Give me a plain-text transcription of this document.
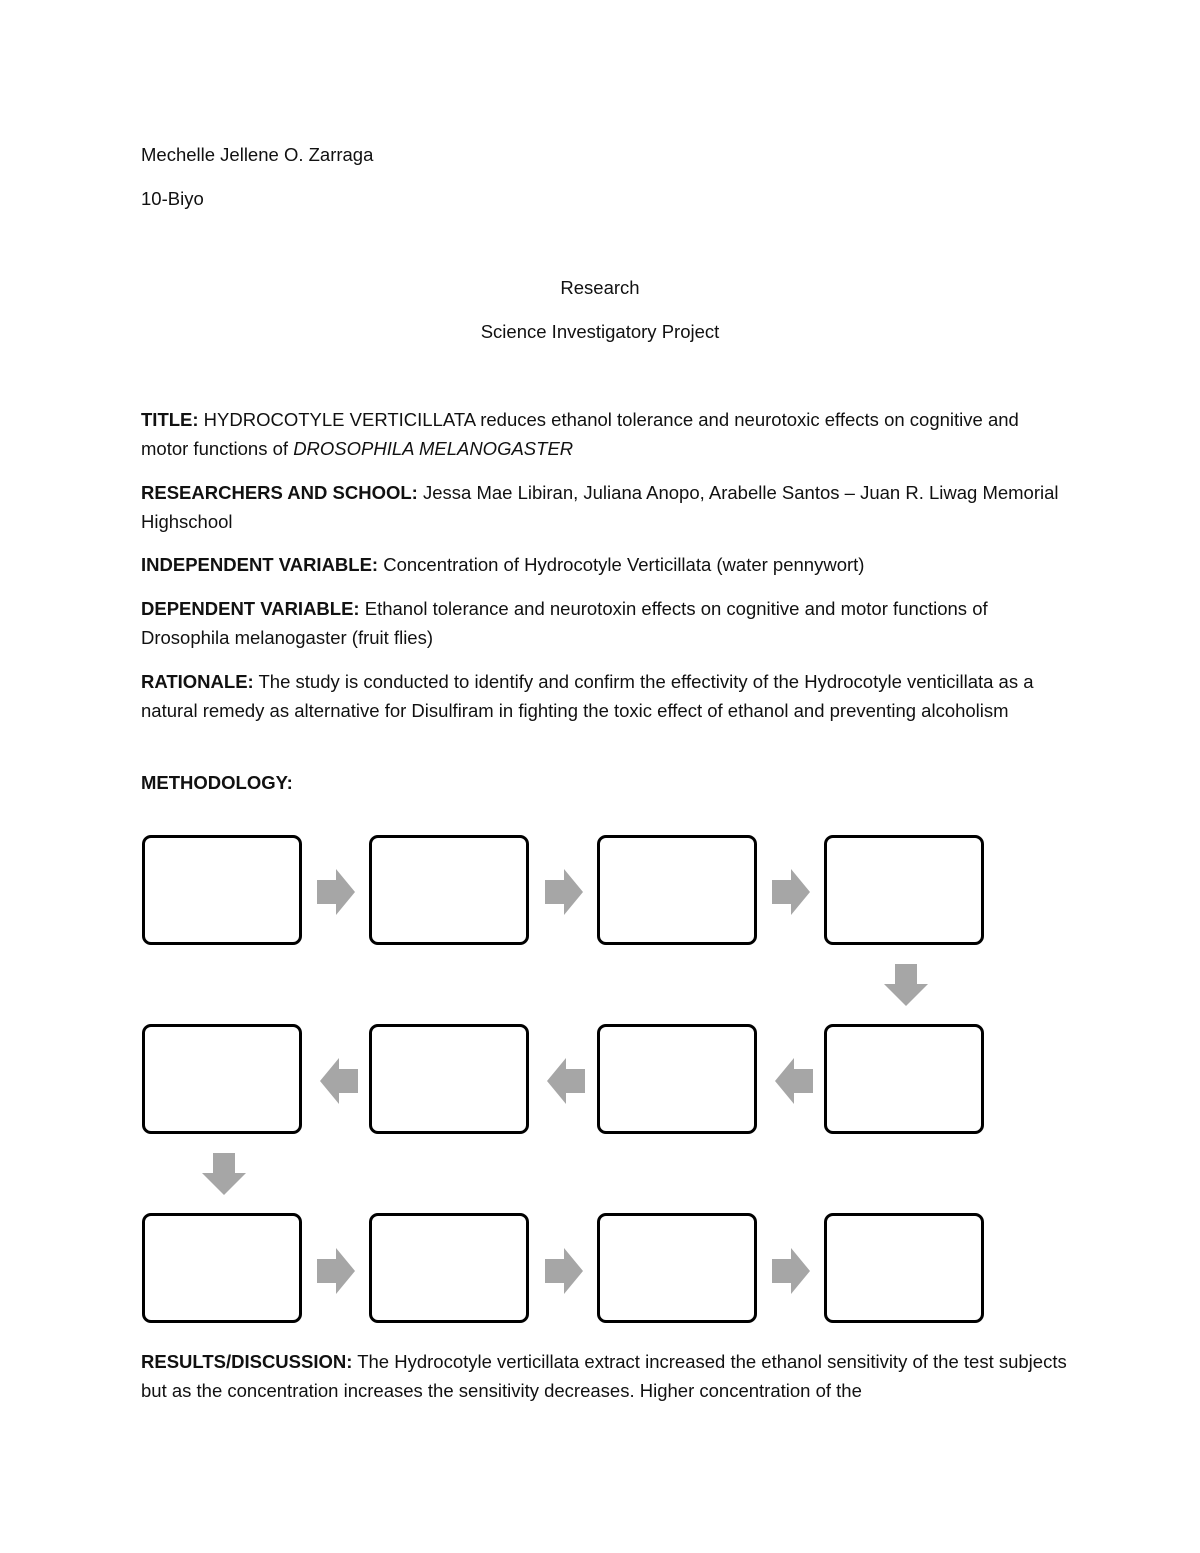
Mechelle Jellene O. Zarraga
10-Biyo
Research
Science Investigatory Project
TITLE: HYDROCOTYLE VERTICILLATA reduces ethanol tolerance and neurotoxic effects on cognitive and motor functions of DROSOPHILA MELANOGASTER
RESEARCHERS AND SCHOOL: Jessa Mae Libiran, Juliana Anopo, Arabelle Santos – Juan R. Liwag Memorial Highschool
INDEPENDENT VARIABLE: Concentration of Hydrocotyle Verticillata (water pennywort)
DEPENDENT VARIABLE: Ethanol tolerance and neurotoxin effects on cognitive and motor functions of Drosophila melanogaster (fruit flies)
RATIONALE: The study is conducted to identify and confirm the effectivity of the Hydrocotyle venticillata as a natural remedy as alternative for Disulfiram in fighting the toxic effect of ethanol and preventing alcoholism
METHODOLOGY:
RESULTS/DISCUSSION: The Hydrocotyle verticillata extract increased the ethanol sensitivity of the test subjects but as the concentration increases the sensitivity decreases. Higher concentration of the
